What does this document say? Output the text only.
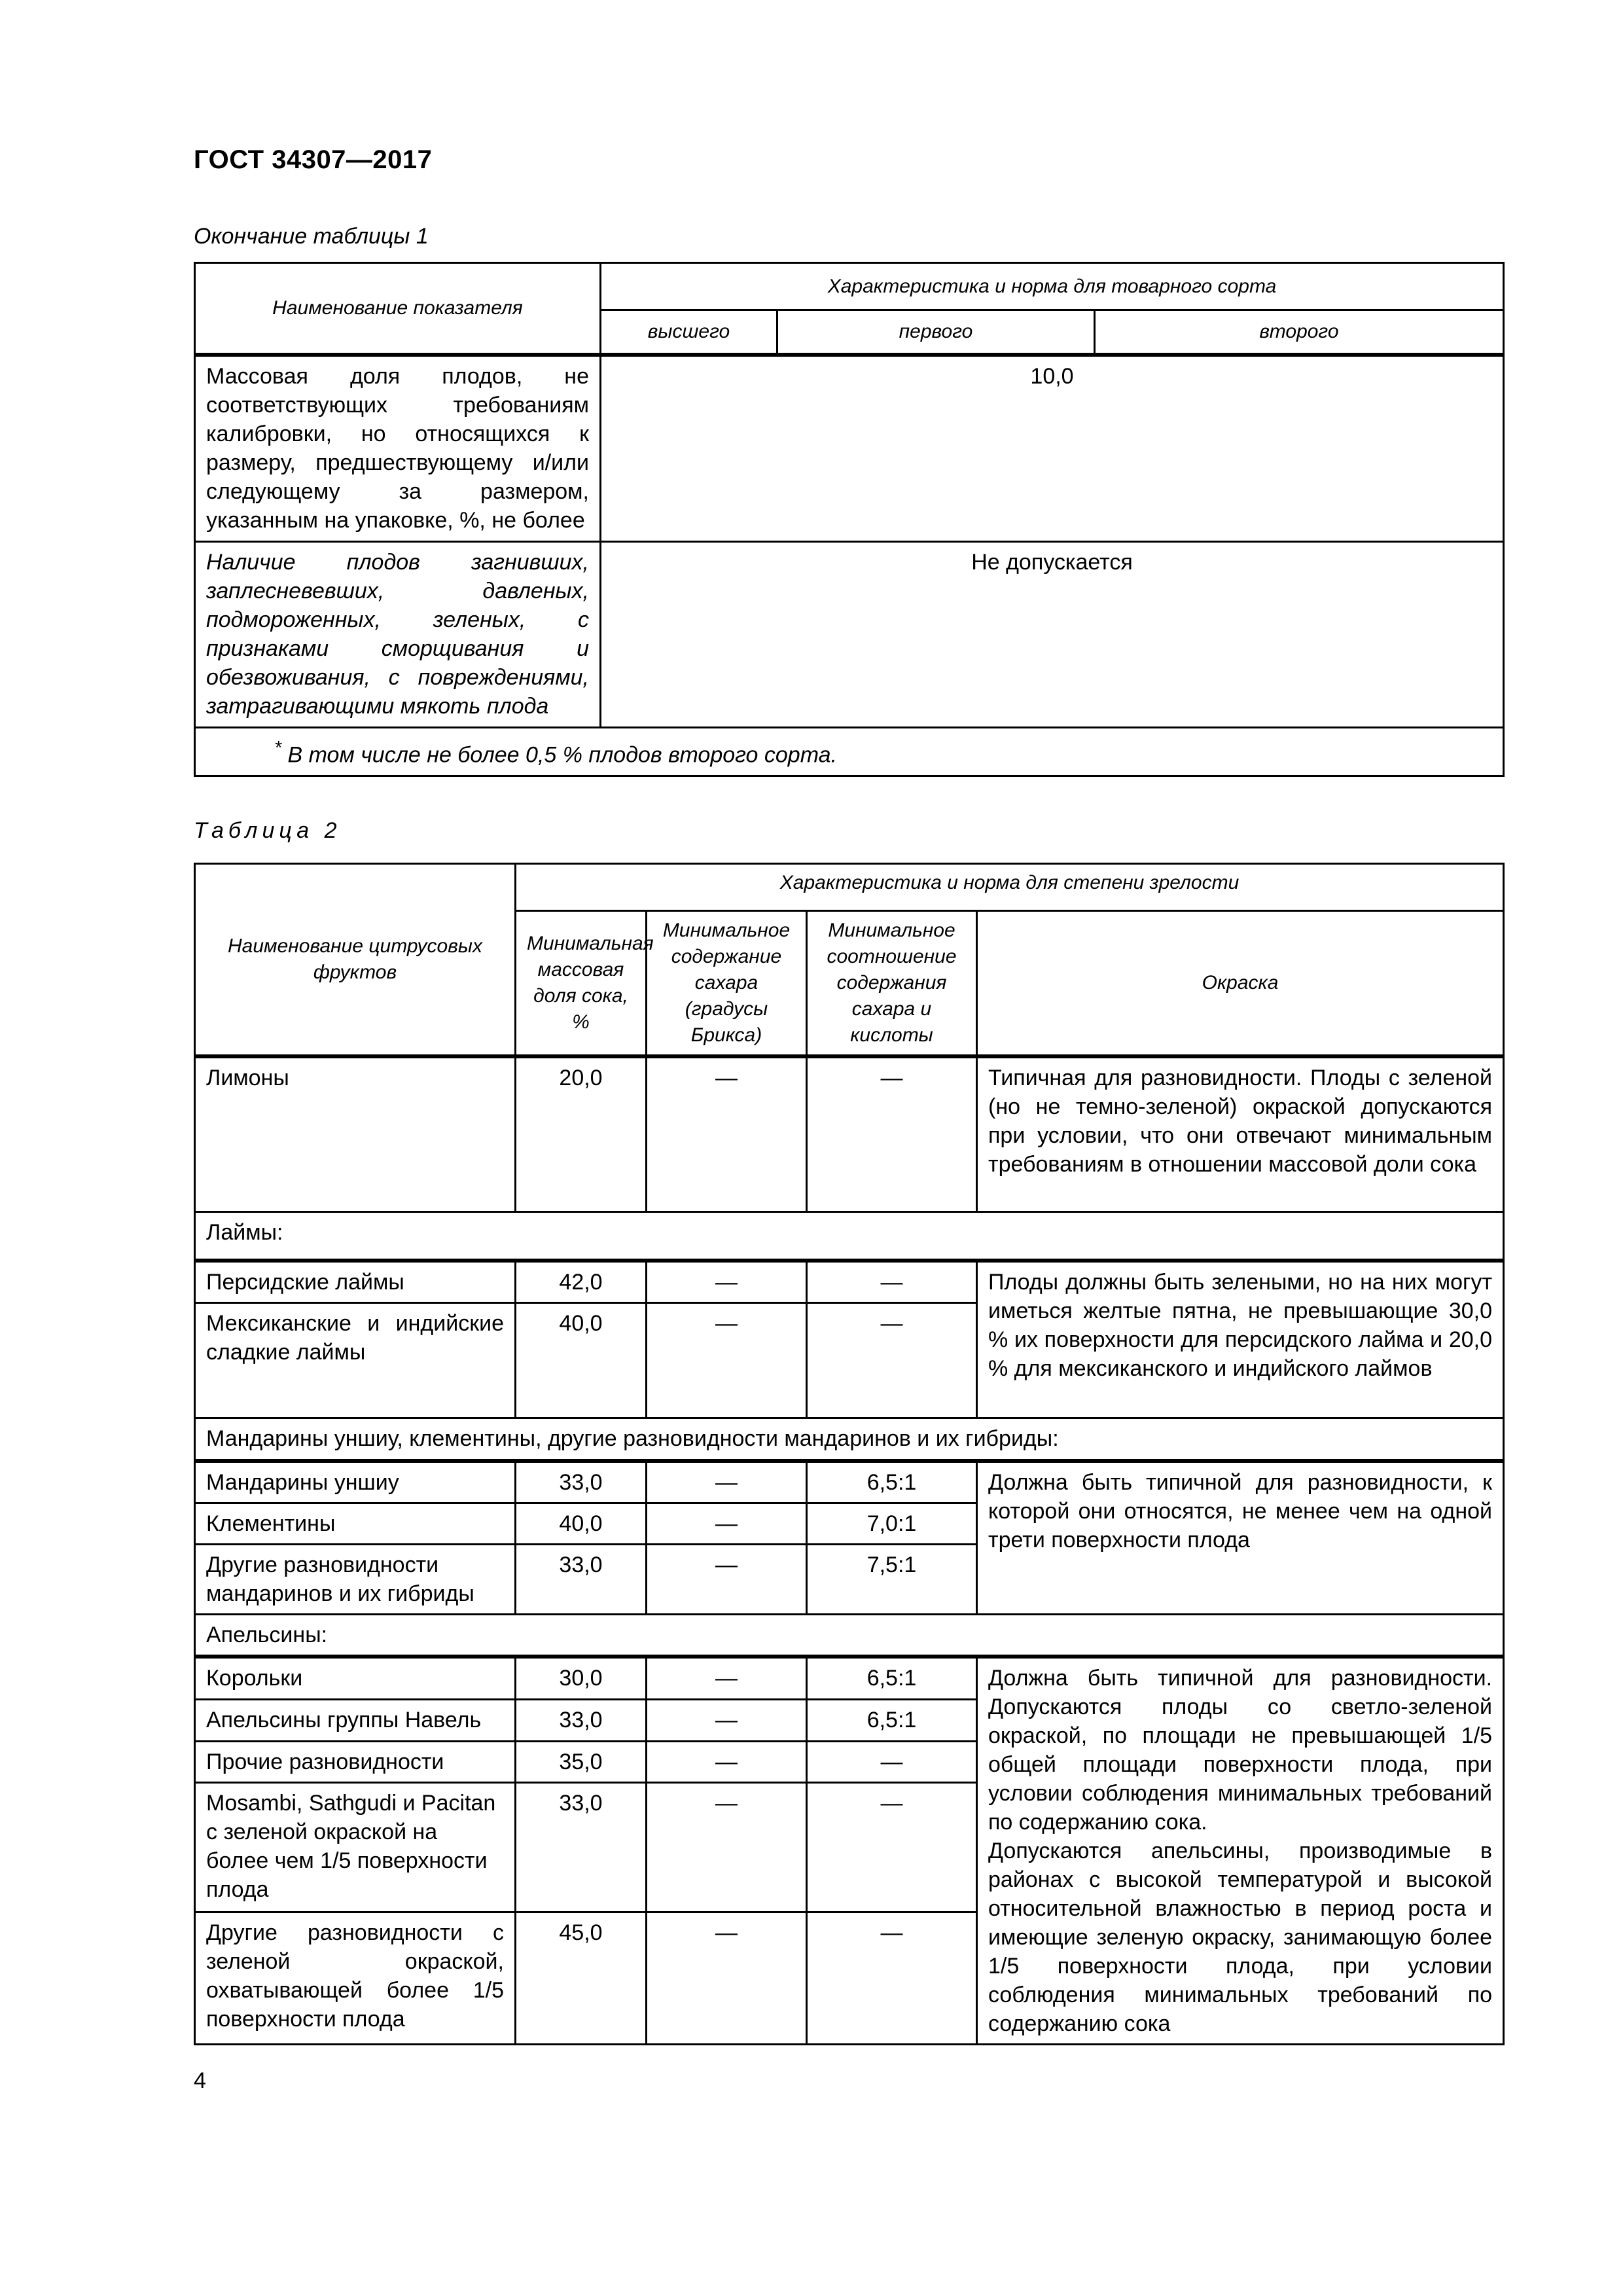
ГОСТ 34307—2017
Окончание таблицы 1
Наименование показателя	Характеристика и норма для товарного сорта		
	высшего	первого	второго
Массовая доля плодов, не соответствующих требованиям калибровки, но относящихся к размеру, предшествующему и/или следующему за размером, указанным на упаковке, %, не более	10,0		
Наличие плодов загнивших, заплесневевших, давленых, подмороженных, зеленых, с признаками сморщивания и обезвоживания, с повреждениями, затрагивающими мякоть плода	Не допускается		
* В том числе не более 0,5 % плодов второго сорта.			
Таблица 2
Наименование цитрусовых фруктов	Характеристика и норма для степени зрелости			
	Минимальная массовая доля сока, %	Минимальное содержание сахара (градусы Брикса)	Минимальное соотношение содержания сахара и кислоты	Окраска
Лимоны	20,0	—	—	Типичная для разновидности. Плоды с зеленой (но не темно-зеленой) окраской допускаются при условии, что они отвечают минимальным требованиям в отношении массовой доли сока
Лаймы:				
Персидские лаймы	42,0	—	—	Плоды должны быть зелеными, но на них могут иметься желтые пятна, не превышающие 30,0 % их поверхности для персидского лайма и 20,0 % для мексиканского и индийского лаймов
Мексиканские и индийские сладкие лаймы	40,0	—	—	
Мандарины уншиу, клементины, другие разновидности мандаринов и их гибриды:				
Мандарины уншиу	33,0	—	6,5:1	Должна быть типичной для разновидности, к которой они относятся, не менее чем на одной трети поверхности плода
Клементины	40,0	—	7,0:1	
Другие разновидности мандаринов и их гибриды	33,0	—	7,5:1	
Апельсины:				
Корольки	30,0	—	6,5:1	Должна быть типичной для разновидности. Допускаются плоды со светло-зеленой окраской, по площади не превышающей 1/5 общей площади поверхности плода, при условии соблюдения минимальных требований по содержанию сока.
Допускаются апельсины, производимые в районах с высокой температурой и высокой относительной влажностью в период роста и имеющие зеленую окраску, занимающую более 1/5 поверхности плода, при условии соблюдения минимальных требований по содержанию сока

Апельсины группы Навель	33,0	—	6,5:1	
Прочие разновидности	35,0	—	—	
Mosambi, Sathgudi и Pacitan с зеленой окраской на более чем 1/5 поверхности плода	33,0	—	—	
Другие разновидности с зеленой окраской, охватывающей более 1/5 поверхности плода	45,0	—	—	
4
